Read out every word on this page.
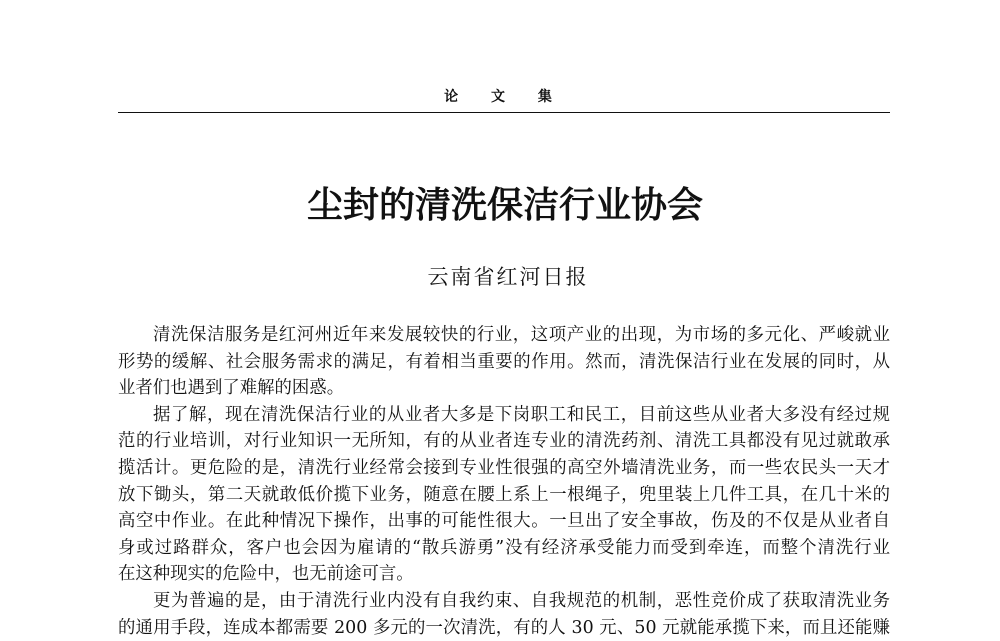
论 文 集
尘封的清洗保洁行业协会
云南省红河日报
清洗保洁服务是红河州近年来发展较快的行业，这项产业的出现，为市场的多元化、严峻就业
形势的缓解、社会服务需求的满足，有着相当重要的作用。然而，清洗保洁行业在发展的同时，从
业者们也遇到了难解的困惑。
据了解，现在清洗保洁行业的从业者大多是下岗职工和民工，目前这些从业者大多没有经过规
范的行业培训，对行业知识一无所知，有的从业者连专业的清洗药剂、清洗工具都没有见过就敢承
揽活计。更危险的是，清洗行业经常会接到专业性很强的高空外墙清洗业务，而一些农民头一天才
放下锄头，第二天就敢低价揽下业务，随意在腰上系上一根绳子，兜里装上几件工具，在几十米的
高空中作业。在此种情况下操作，出事的可能性很大。一旦出了安全事故，伤及的不仅是从业者自
身或过路群众，客户也会因为雇请的“散兵游勇”没有经济承受能力而受到牵连，而整个清洗行业
在这种现实的危险中，也无前途可言。
更为普遍的是，由于清洗行业内没有自我约束、自我规范的机制，恶性竞价成了获取清洗业务
的通用手段，连成本都需要 200 多元的一次清洗，有的人 30 元、50 元就能承揽下来，而且还能赚
